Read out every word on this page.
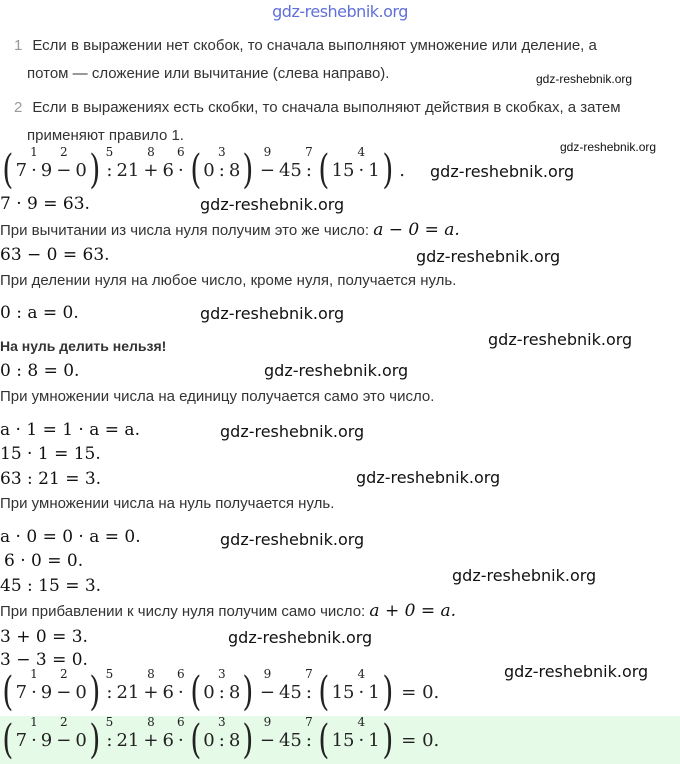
gdz-reshebnik.org
1 Если в выражении нет скобок, то сначала выполняют умножение или деление, а
потом — сложение или вычитание (слева направо).
2 Если в выражениях есть скобки, то сначала выполняют действия в скобках, а затем
применяют правило 1.
( 7
1
· 9
2
− 0 ) 5
: 21
8
+ 6
6
· ( 0
3
: 8 ) 9
− 45
7
: ( 15
4
· 1 ) .
7 · 9 = 63.
При вычитании из числа нуля получим это же число: a − 0 = a.
63 − 0 = 63.
При делении нуля на любое число, кроме нуля, получается нуль.
0 : a = 0.
На нуль делить нельзя!
0 : 8 = 0.
При умножении числа на единицу получается само это число.
a · 1 = 1 · a = a.
15 · 1 = 15.
63 : 21 = 3.
При умножении числа на нуль получается нуль.
a · 0 = 0 · a = 0.
6 · 0 = 0.
45 : 15 = 3.
При прибавлении к числу нуля получим само число: a + 0 = a.
3 + 0 = 3.
3 − 3 = 0.
( 7
1
· 9
2
− 0 ) 5
: 21
8
+ 6
6
· ( 0
3
: 8 ) 9
− 45
7
: ( 15
4
· 1 ) = 0.
( 7
1
· 9
2
− 0 ) 5
: 21
8
+ 6
6
· ( 0
3
: 8 ) 9
− 45
7
: ( 15
4
· 1 ) = 0.
gdz-reshebnik.org
gdz-reshebnik.org
gdz-reshebnik.org
gdz-reshebnik.org
gdz-reshebnik.org
gdz-reshebnik.org
gdz-reshebnik.org
gdz-reshebnik.org
gdz-reshebnik.org
gdz-reshebnik.org
gdz-reshebnik.org
gdz-reshebnik.org
gdz-reshebnik.org
gdz-reshebnik.org
